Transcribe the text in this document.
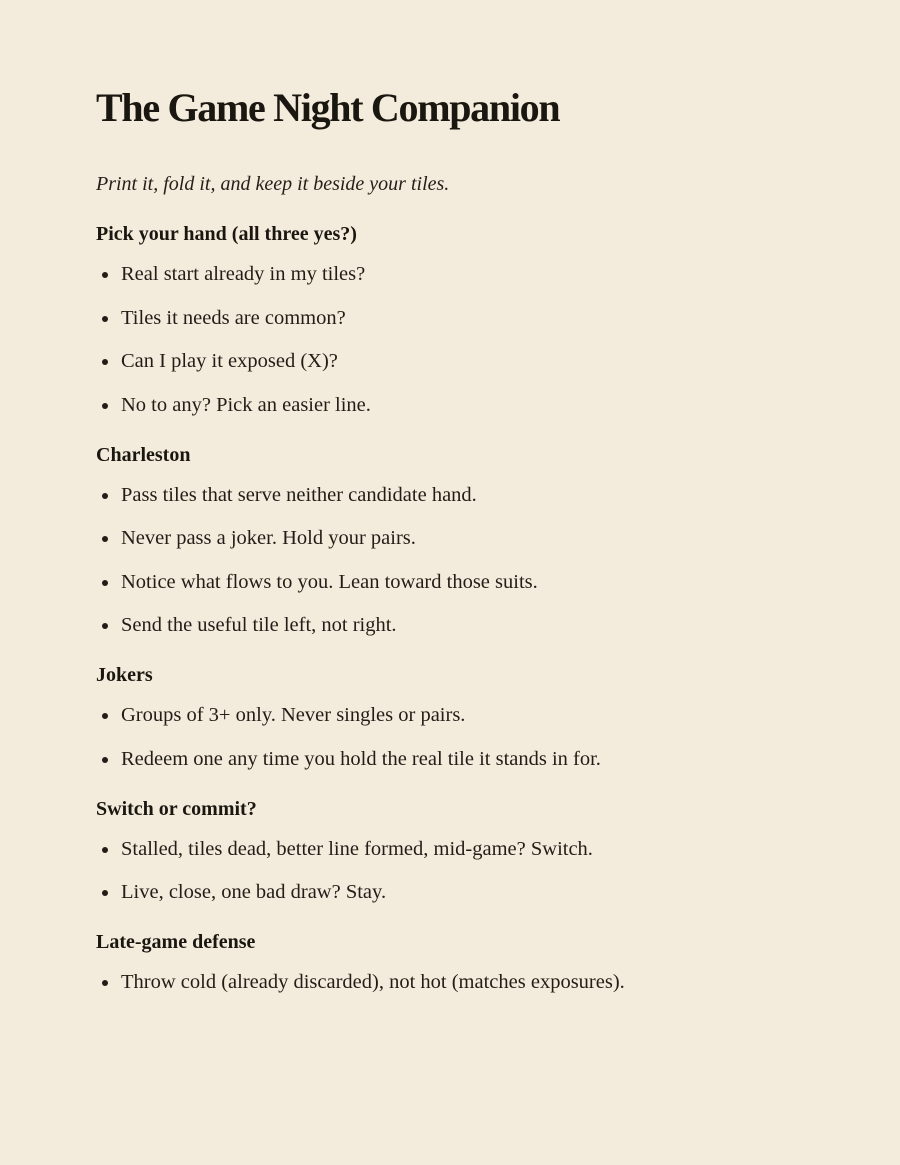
The Game Night Companion

Print it, fold it, and keep it beside your tiles.

Pick your hand (all three yes?)
Real start already in my tiles?
Tiles it needs are common?
Can I play it exposed (X)?
No to any? Pick an easier line.
Charleston
Pass tiles that serve neither candidate hand.
Never pass a joker. Hold your pairs.
Notice what flows to you. Lean toward those suits.
Send the useful tile left, not right.
Jokers
Groups of 3+ only. Never singles or pairs.
Redeem one any time you hold the real tile it stands in for.
Switch or commit?
Stalled, tiles dead, better line formed, mid-game? Switch.
Live, close, one bad draw? Stay.
Late-game defense
Throw cold (already discarded), not hot (matches exposures).
